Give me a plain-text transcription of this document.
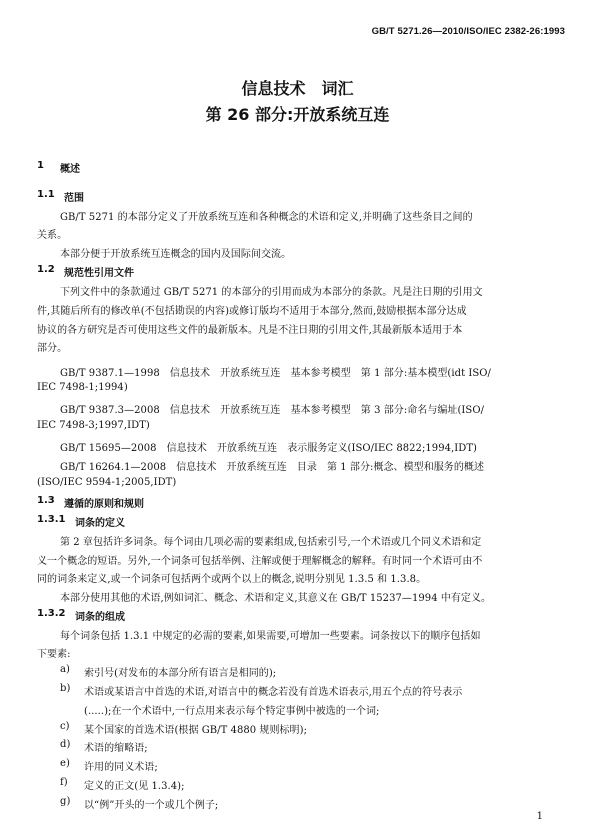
GB/T 5271.26—2010/ISO/IEC 2382-26:1993
信息技术　词汇
第 26 部分:开放系统互连
1 概述
1.1 范围
GB/T 5271 的本部分定义了开放系统互连和各种概念的术语和定义,并明确了这些条目之间的
关系。
本部分便于开放系统互连概念的国内及国际间交流。
1.2 规范性引用文件
下列文件中的条款通过 GB/T 5271 的本部分的引用而成为本部分的条款。凡是注日期的引用文
件,其随后所有的修改单(不包括勘误的内容)或修订版均不适用于本部分,然而,鼓励根据本部分达成
协议的各方研究是否可使用这些文件的最新版本。凡是不注日期的引用文件,其最新版本适用于本
部分。
GB/T 9387.1—1998　信息技术　开放系统互连　基本参考模型　第 1 部分:基本模型(idt ISO/
IEC 7498-1;1994)
GB/T 9387.3—2008　信息技术　开放系统互连　基本参考模型　第 3 部分:命名与编址(ISO/
IEC 7498-3;1997,IDT)
GB/T 15695—2008　信息技术　开放系统互连　表示服务定义(ISO/IEC 8822;1994,IDT)
GB/T 16264.1—2008　信息技术　开放系统互连　目录　第 1 部分:概念、模型和服务的概述
(ISO/IEC 9594-1;2005,IDT)
1.3 遵循的原则和规则
1.3.1 词条的定义
第 2 章包括许多词条。每个词由几项必需的要素组成,包括索引号,一个术语或几个同义术语和定
义一个概念的短语。另外,一个词条可包括举例、注解或便于理解概念的解释。有时同一个术语可由不
同的词条来定义,或一个词条可包括两个或两个以上的概念,说明分别见 1.3.5 和 1.3.8。
本部分使用其他的术语,例如词汇、概念、术语和定义,其意义在 GB/T 15237—1994 中有定义。
1.3.2 词条的组成
每个词条包括 1.3.1 中规定的必需的要素,如果需要,可增加一些要素。词条按以下的顺序包括如
下要素:
a) 索引号(对发布的本部分所有语言是相同的);
b) 术语或某语言中首选的术语,对语言中的概念若没有首选术语表示,用五个点的符号表示
(.....);在一个术语中,一行点用来表示每个特定事例中被选的一个词;
c) 某个国家的首选术语(根据 GB/T 4880 规则标明);
d) 术语的缩略语;
e) 许用的同义术语;
f) 定义的正文(见 1.3.4);
g) 以“例”开头的一个或几个例子;
1
